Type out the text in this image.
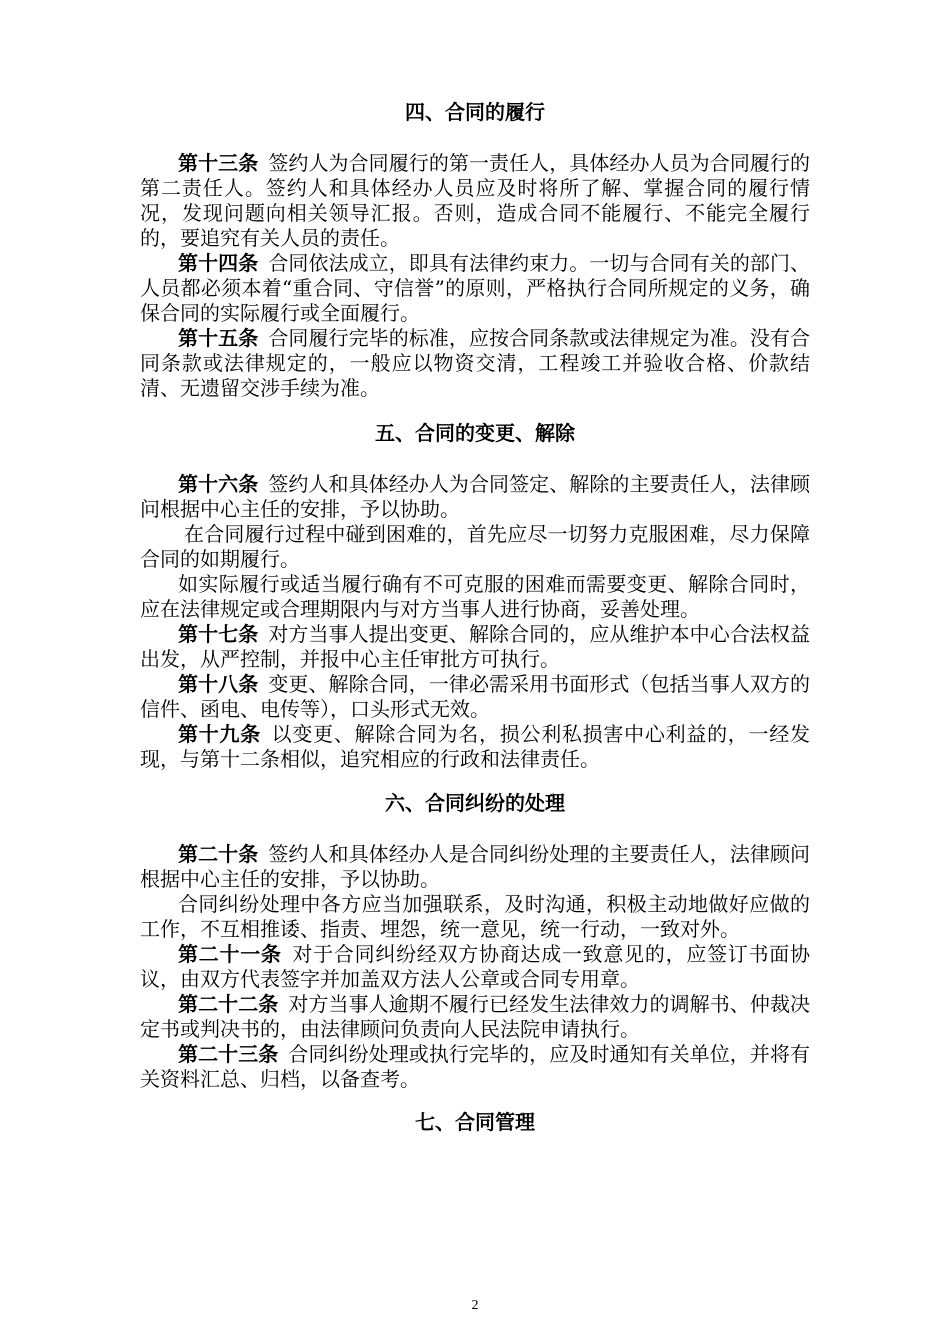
四、合同的履行

第十三条  签约人为合同履行的第一责任人，具体经办人员为合同履行的第二责任人。签约人和具体经办人员应及时将所了解、掌握合同的履行情况，发现问题向相关领导汇报。否则，造成合同不能履行、不能完全履行的，要追究有关人员的责任。

第十四条  合同依法成立，即具有法律约束力。一切与合同有关的部门、人员都必须本着“重合同、守信誉”的原则，严格执行合同所规定的义务，确保合同的实际履行或全面履行。

第十五条  合同履行完毕的标准，应按合同条款或法律规定为准。没有合同条款或法律规定的，一般应以物资交清，工程竣工并验收合格、价款结清、无遗留交涉手续为准。

五、合同的变更、解除

第十六条  签约人和具体经办人为合同签定、解除的主要责任人，法律顾问根据中心主任的安排，予以协助。

在合同履行过程中碰到困难的，首先应尽一切努力克服困难，尽力保障合同的如期履行。

如实际履行或适当履行确有不可克服的困难而需要变更、解除合同时，应在法律规定或合理期限内与对方当事人进行协商，妥善处理。

第十七条  对方当事人提出变更、解除合同的，应从维护本中心合法权益出发，从严控制，并报中心主任审批方可执行。

第十八条  变更、解除合同，一律必需采用书面形式（包括当事人双方的信件、函电、电传等），口头形式无效。

第十九条  以变更、解除合同为名，损公利私损害中心利益的，一经发现，与第十二条相似，追究相应的行政和法律责任。

六、合同纠纷的处理

第二十条  签约人和具体经办人是合同纠纷处理的主要责任人，法律顾问根据中心主任的安排，予以协助。

合同纠纷处理中各方应当加强联系，及时沟通，积极主动地做好应做的工作，不互相推诿、指责、埋怨，统一意见，统一行动，一致对外。

第二十一条  对于合同纠纷经双方协商达成一致意见的，应签订书面协议，由双方代表签字并加盖双方法人公章或合同专用章。

第二十二条  对方当事人逾期不履行已经发生法律效力的调解书、仲裁决定书或判决书的，由法律顾问负责向人民法院申请执行。

第二十三条  合同纠纷处理或执行完毕的，应及时通知有关单位，并将有关资料汇总、归档，以备查考。

七、合同管理
2
